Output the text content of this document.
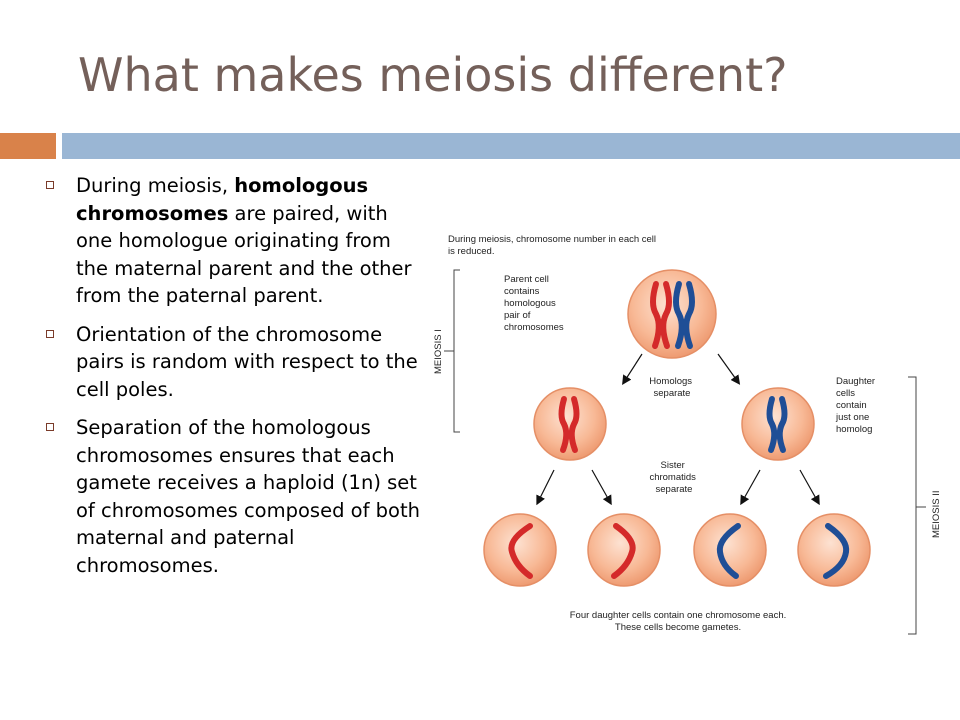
What makes meiosis different?
During meiosis, homologous chromosomes are paired, with one homologue originating from the maternal parent and the other from the paternal parent.
Orientation of the chromosome pairs is random with respect to the cell poles.
Separation of the homologous chromosomes ensures that each gamete receives a haploid (1n) set of chromosomes composed of both maternal and paternal chromosomes.
During meiosis, chromosome number in each cell
is reduced.
MEIOSIS I
MEIOSIS II
Parent cell contains homologous pair of chromosomes
Homologs separate
Daughter cells contain just one homolog
Sister chromatids separate
Four daughter cells contain one chromosome each.
These cells become gametes.
